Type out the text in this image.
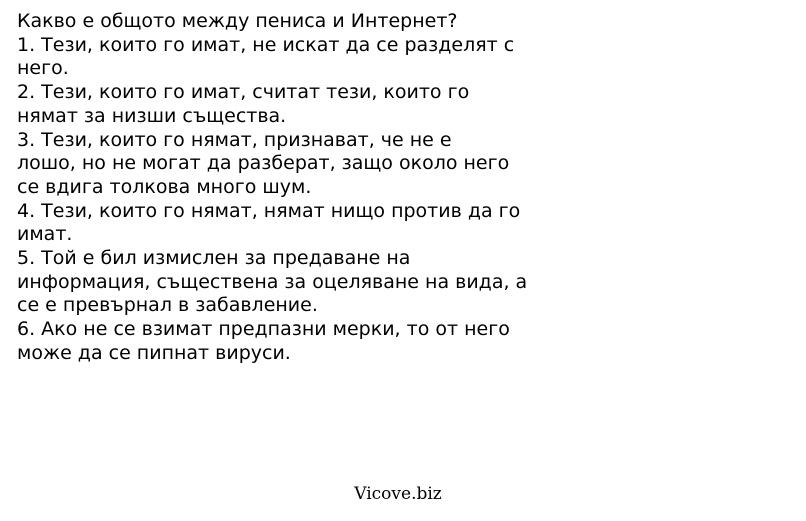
Какво е общото между пениса и Интернет?
1. Тези, които го имат, не искат да се разделят с
него.
2. Тези, които го имат, считат тези, които го
нямат за низши същества.
3. Тези, които го нямат, признават, че не е
лошо, но не могат да разберат, защо около него
се вдига толкова много шум.
4. Тези, които го нямат, нямат нищо против да го
имат.
5. Той е бил измислен за предаване на
информация, съществена за оцеляване на вида, а
се е превърнал в забавление.
6. Ако не се взимат предпазни мерки, то от него
може да се пипнат вируси.
Vicove.biz
